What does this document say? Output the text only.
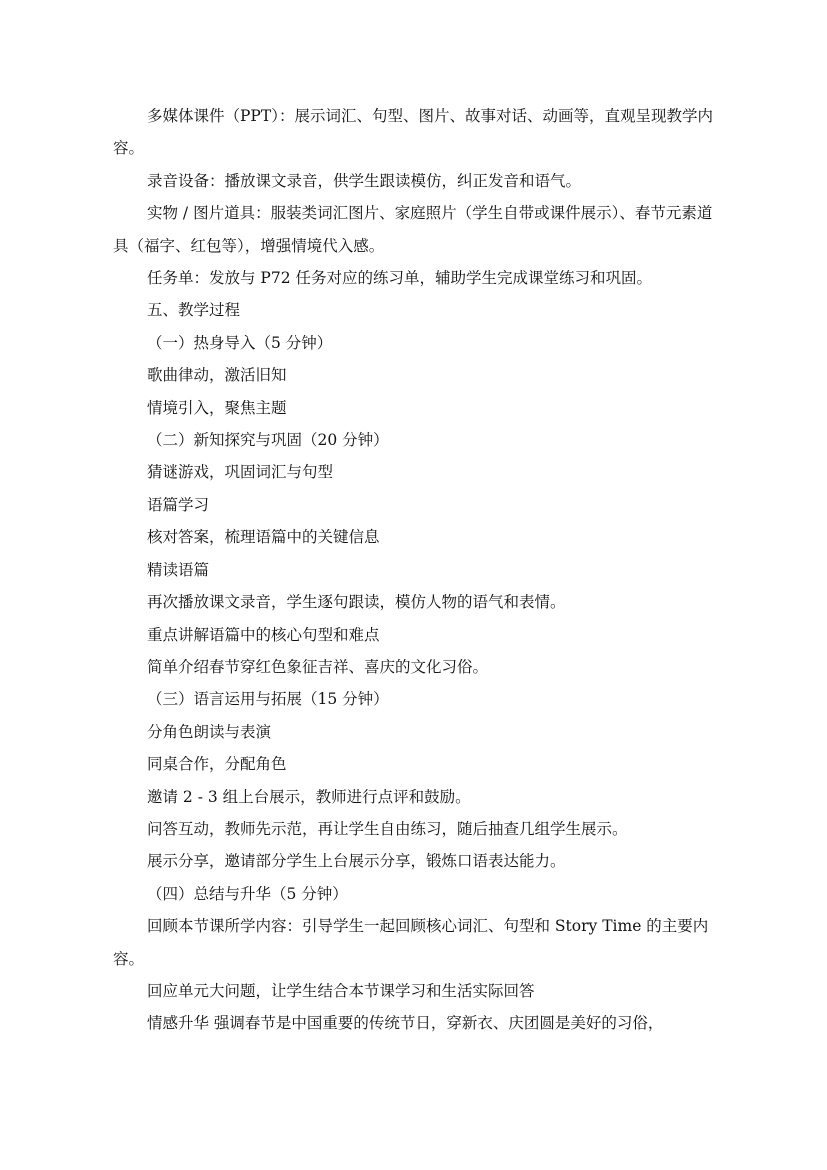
多媒体课件（PPT）：展示词汇、句型、图片、故事对话、动画等，直观呈现教学内容。

录音设备：播放课文录音，供学生跟读模仿，纠正发音和语气。

实物 / 图片道具：服装类词汇图片、家庭照片（学生自带或课件展示）、春节元素道具（福字、红包等），增强情境代入感。

任务单：发放与 P72 任务对应的练习单，辅助学生完成课堂练习和巩固。

五、教学过程

（一）热身导入（5 分钟）

歌曲律动，激活旧知

情境引入，聚焦主题

（二）新知探究与巩固（20 分钟）

猜谜游戏，巩固词汇与句型

语篇学习

核对答案，梳理语篇中的关键信息

精读语篇

再次播放课文录音，学生逐句跟读，模仿人物的语气和表情。

重点讲解语篇中的核心句型和难点

简单介绍春节穿红色象征吉祥、喜庆的文化习俗。

（三）语言运用与拓展（15 分钟）

分角色朗读与表演

同桌合作，分配角色

邀请 2 - 3 组上台展示，教师进行点评和鼓励。

问答互动，教师先示范，再让学生自由练习，随后抽查几组学生展示。

展示分享，邀请部分学生上台展示分享，锻炼口语表达能力。

（四）总结与升华（5 分钟）

回顾本节课所学内容：引导学生一起回顾核心词汇、句型和 Story Time 的主要内容。

回应单元大问题，让学生结合本节课学习和生活实际回答

情感升华 强调春节是中国重要的传统节日，穿新衣、庆团圆是美好的习俗，
